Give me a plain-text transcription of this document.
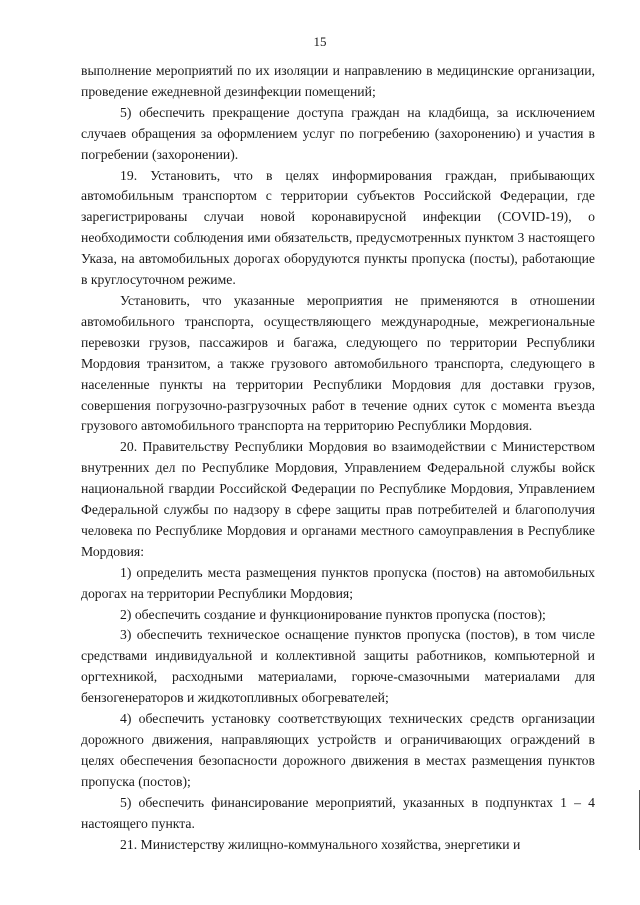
15

выполнение мероприятий по их изоляции и направлению в медицинские организации, проведение ежедневной дезинфекции помещений;

5) обеспечить прекращение доступа граждан на кладбища, за исключением случаев обращения за оформлением услуг по погребению (захоронению) и участия в погребении (захоронении).

19. Установить, что в целях информирования граждан, прибывающих автомобильным транспортом с территории субъектов Российской Федерации, где зарегистрированы случаи новой коронавирусной инфекции (COVID-19), о необходимости соблюдения ими обязательств, предусмотренных пунктом 3 настоящего Указа, на автомобильных дорогах оборудуются пункты пропуска (посты), работающие в круглосуточном режиме.

Установить, что указанные мероприятия не применяются в отношении автомобильного транспорта, осуществляющего международные, межрегиональные перевозки грузов, пассажиров и багажа, следующего по территории Республики Мордовия транзитом, а также грузового автомобильного транспорта, следующего в населенные пункты на территории Республики Мордовия для доставки грузов, совершения погрузочно-разгрузочных работ в течение одних суток с момента въезда грузового автомобильного транспорта на территорию Республики Мордовия.

20. Правительству Республики Мордовия во взаимодействии с Министерством внутренних дел по Республике Мордовия, Управлением Федеральной службы войск национальной гвардии Российской Федерации по Республике Мордовия, Управлением Федеральной службы по надзору в сфере защиты прав потребителей и благополучия человека по Республике Мордовия и органами местного самоуправления в Республике Мордовия:

1) определить места размещения пунктов пропуска (постов) на автомобильных дорогах на территории Республики Мордовия;

2) обеспечить создание и функционирование пунктов пропуска (постов);

3) обеспечить техническое оснащение пунктов пропуска (постов), в том числе средствами индивидуальной и коллективной защиты работников, компьютерной и оргтехникой, расходными материалами, горюче-смазочными материалами для бензогенераторов и жидкотопливных обогревателей;

4) обеспечить установку соответствующих технических средств организации дорожного движения, направляющих устройств и ограничивающих ограждений в целях обеспечения безопасности дорожного движения в местах размещения пунктов пропуска (постов);

5) обеспечить финансирование мероприятий, указанных в подпунктах 1 – 4 настоящего пункта.

21. Министерству жилищно-коммунального хозяйства, энергетики и
